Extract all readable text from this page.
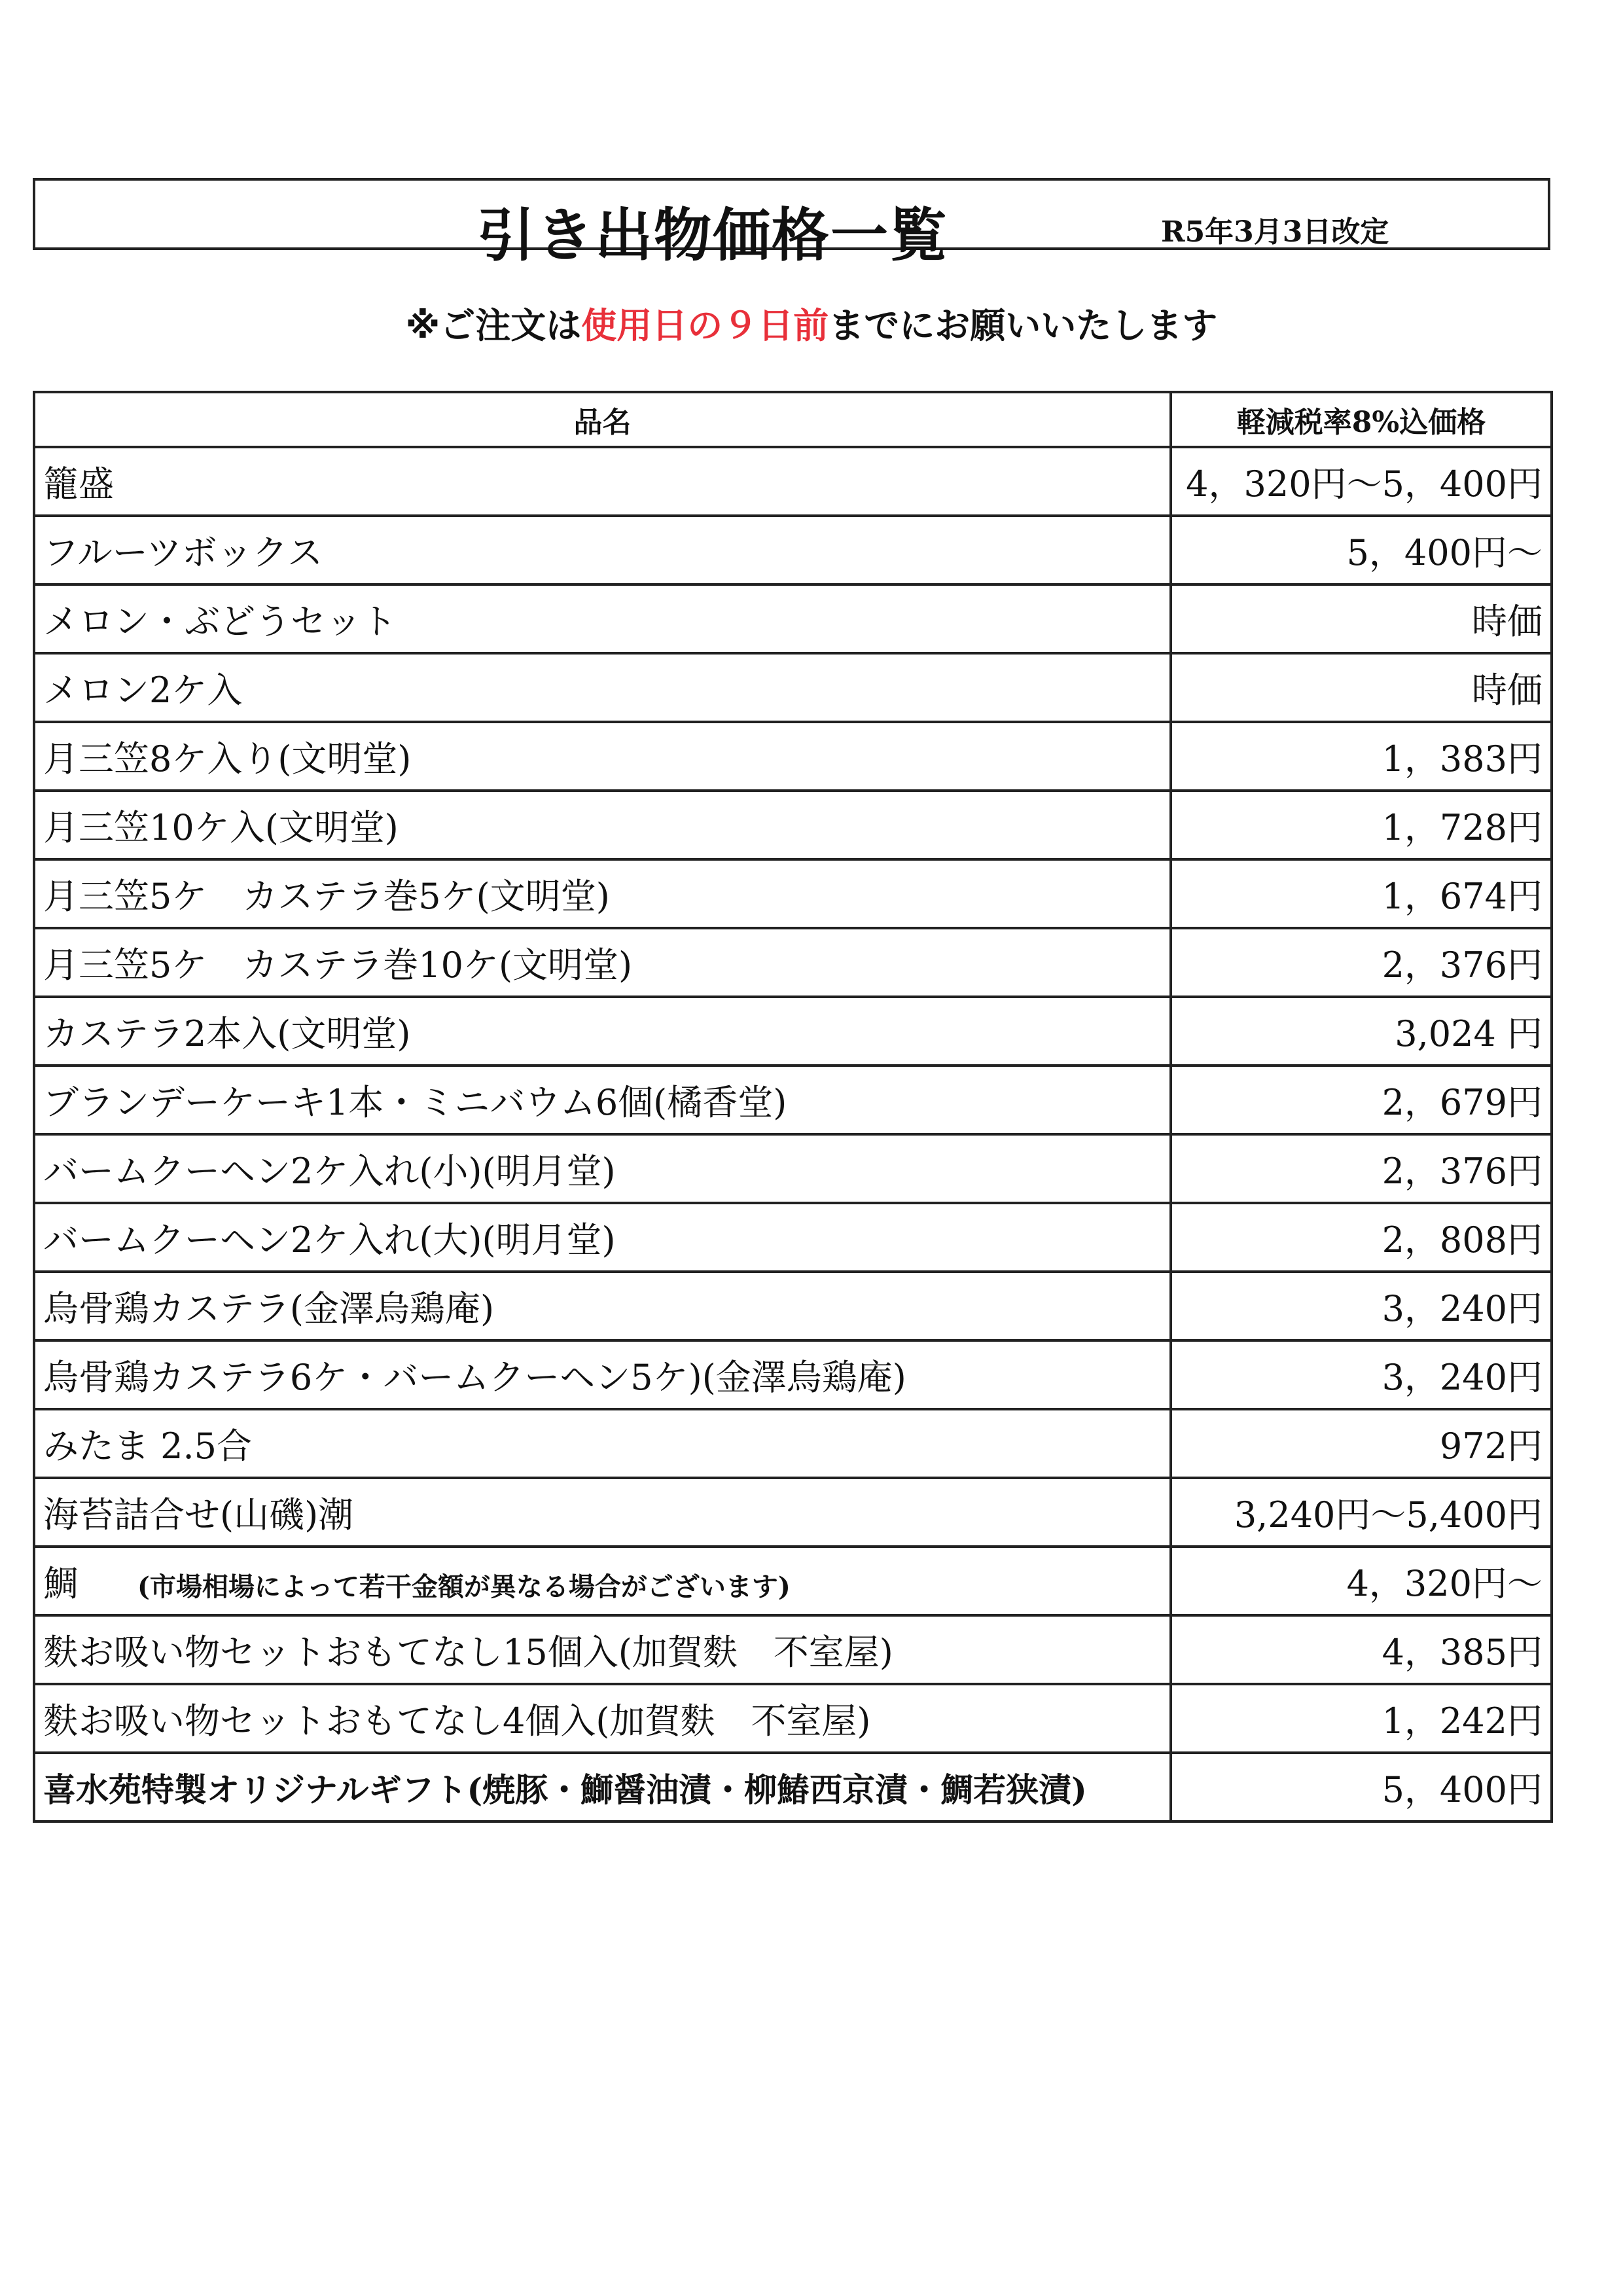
引き出物価格一覧	R5年3月3日改定
※ご注文は使用日の９日前までにお願いいたします
品名	軽減税率8%込価格
籠盛	4，320円～5，400円
フルーツボックス	5，400円～
メロン・ぶどうセット	時価
メロン2ケ入	時価
月三笠8ケ入り(文明堂)	1，383円
月三笠10ケ入(文明堂)	1，728円
月三笠5ケ　カステラ巻5ケ(文明堂)	1，674円
月三笠5ケ　カステラ巻10ケ(文明堂)	2，376円
カステラ2本入(文明堂)	3,024 円
ブランデーケーキ1本・ミニバウム6個(橘香堂)	2，679円
バームクーヘン2ケ入れ(小)(明月堂)	2，376円
バームクーヘン2ケ入れ(大)(明月堂)	2，808円
烏骨鶏カステラ(金澤烏鶏庵)	3，240円
烏骨鶏カステラ6ケ・バームクーヘン5ケ)(金澤烏鶏庵)	3，240円
みたま 2.5合	972円
海苔詰合せ(山磯)潮	3,240円～5,400円
鯛 (市場相場によって若干金額が異なる場合がございます)	4，320円～
麩お吸い物セットおもてなし15個入(加賀麩　不室屋)	4，385円
麩お吸い物セットおもてなし4個入(加賀麩　不室屋)	1，242円
喜水苑特製オリジナルギフト(焼豚・鰤醤油漬・柳鰆西京漬・鯛若狭漬)	5，400円
